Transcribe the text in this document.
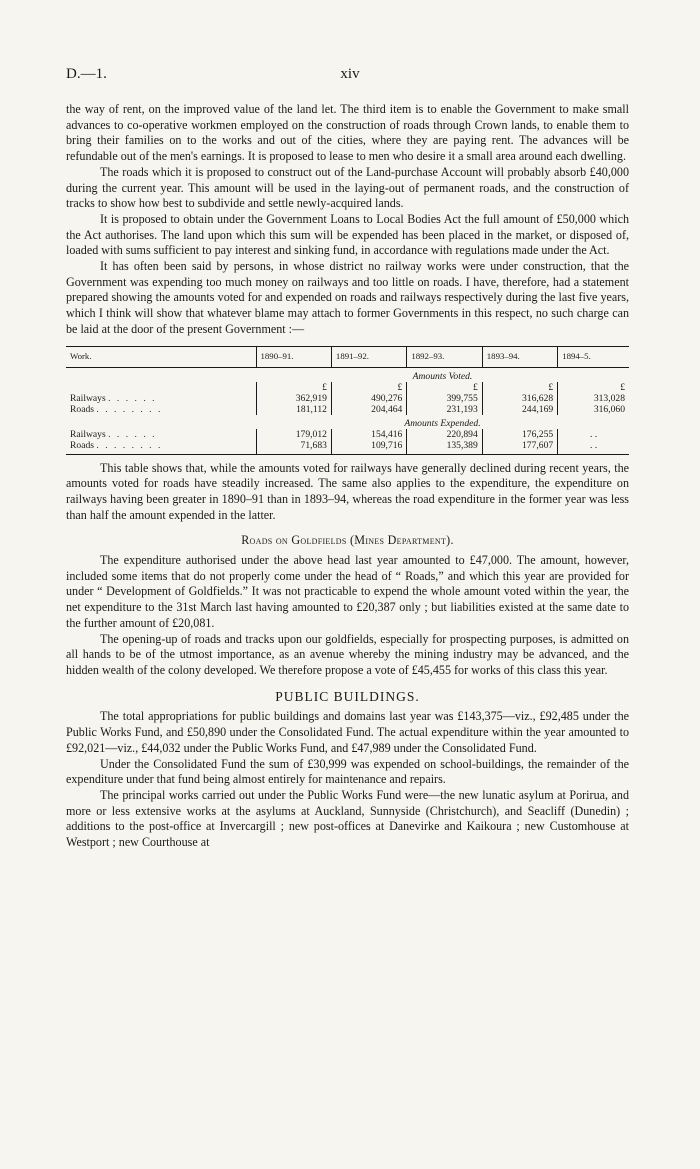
D.—1.	xiv

the way of rent, on the improved value of the land let. The third item is to enable the Government to make small advances to co-operative workmen employed on the construction of roads through Crown lands, to enable them to bring their families on to the works and out of the cities, where they are paying rent. The advances will be refundable out of the men's earnings. It is proposed to lease to men who desire it a small area around each dwelling.

The roads which it is proposed to construct out of the Land-purchase Account will probably absorb £40,000 during the current year. This amount will be used in the laying-out of permanent roads, and the construction of tracks to show how best to subdivide and settle newly-acquired lands.

It is proposed to obtain under the Government Loans to Local Bodies Act the full amount of £50,000 which the Act authorises. The land upon which this sum will be expended has been placed in the market, or disposed of, loaded with sums sufficient to pay interest and sinking fund, in accordance with regulations made under the Act.

It has often been said by persons, in whose district no railway works were under construction, that the Government was expending too much money on railways and too little on roads. I have, therefore, had a statement prepared showing the amounts voted for and expended on roads and railways respectively during the last five years, which I think will show that whatever blame may attach to former Governments in this respect, no such charge can be laid at the door of the present Government :—

Work.	1890–91.	1891–92.	1892–93.	1893–94.	1894–5.
	Amounts Voted.				
	£	£	£	£	£
Railways . . . . . .	362,919	490,276	399,755	316,628	313,028
Roads . . . . . . . .	181,112	204,464	231,193	244,169	316,060
	Amounts Expended.				
Railways . . . . . .	179,012	154,416	220,894	176,255	. .
Roads . . . . . . . .	71,683	109,716	135,389	177,607	. .

This table shows that, while the amounts voted for railways have generally declined during recent years, the amounts voted for roads have steadily increased. The same also applies to the expenditure, the expenditure on railways having been greater in 1890–91 than in 1893–94, whereas the road expenditure in the former year was less than half the amount expended in the latter.

Roads on Goldfields (Mines Department).

The expenditure authorised under the above head last year amounted to £47,000. The amount, however, included some items that do not properly come under the head of “ Roads,” and which this year are provided for under “ Development of Goldfields.” It was not practicable to expend the whole amount voted within the year, the net expenditure to the 31st March last having amounted to £20,387 only ; but liabilities existed at the same date to the further amount of £20,081.

The opening-up of roads and tracks upon our goldfields, especially for prospecting purposes, is admitted on all hands to be of the utmost importance, as an avenue whereby the mining industry may be advanced, and the hidden wealth of the colony developed. We therefore propose a vote of £45,455 for works of this class this year.

PUBLIC BUILDINGS.

The total appropriations for public buildings and domains last year was £143,375—viz., £92,485 under the Public Works Fund, and £50,890 under the Consolidated Fund. The actual expenditure within the year amounted to £92,021—viz., £44,032 under the Public Works Fund, and £47,989 under the Consolidated Fund.

Under the Consolidated Fund the sum of £30,999 was expended on school-buildings, the remainder of the expenditure under that fund being almost entirely for maintenance and repairs.

The principal works carried out under the Public Works Fund were—the new lunatic asylum at Porirua, and more or less extensive works at the asylums at Auckland, Sunnyside (Christchurch), and Seacliff (Dunedin) ; additions to the post-office at Invercargill ; new post-offices at Danevirke and Kaikoura ; new Customhouse at Westport ; new Courthouse at
